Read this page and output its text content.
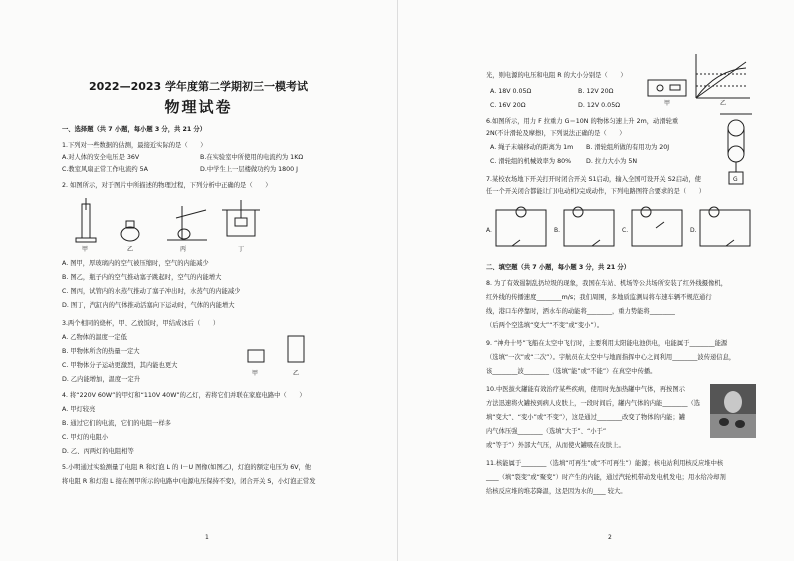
2022—2023 学年度第二学期初三一模考试
物理试卷
一、选择题（共 7 小题，每小题 3 分，共 21 分）
1.下列对一些数据的估测，最接近实际的是（　　）
A.对人体的安全电压是 36V	B.在实验室中所使用的电流约为 1KΩ
C.教室风扇正常工作电流约 5A	D.中学生上一层楼做功约为 1800 J
2. 如图所示，对于图片中所描述的物理过程，下列分析中正确的是（　　）
甲	乙	丙	丁
A. 图甲，厚玻璃内的空气被压缩时，空气的内能减少
B. 图乙，瓶子内的空气推动塞子跳起时，空气的内能增大
C. 图丙，试管内的水蒸气推动了塞子冲出时，水蒸气的内能减少
D. 图丁，汽缸内的气体推动活塞向下运动时，气体的内能增大
3.两个相同的烧杯，甲、乙放饭时，甲结成冰后（　　）
A. 乙物体的温度一定低
B. 甲物体所含的热量一定大
C. 甲物体分子运动更激烈，其内能也更大
D. 乙内能增加，温度一定升
甲	乙
4. 将“220V 60W”的甲灯和“110V 40W”的乙灯，若将它们并联在家庭电路中（　　）
A. 甲灯较亮
B. 通过它们的电流，它们的电阻一样多
C. 甲灯的电阻小
D. 乙、丙两灯的电阻相等
5.小明通过实验测量了电阻 R 和灯泡 L 的 I－U 图像(如图乙)，灯泡的额定电压为 6V，他
将电阻 R 和灯泡 L 接在图甲所示的电路中(电源电压保持不变)，闭合开关 S，小灯泡正常发
1
光，则电源的电压和电阻 R 的大小分别是（　　）
A. 18V 0.05Ω	B. 12V 20Ω
C. 16V 20Ω	D. 12V 0.05Ω	甲	乙
6.如图所示，用力 F 拉重力 G＝10N 的物体匀速上升 2m，动滑轮重
2N(不计滑轮及摩擦)，下列说法正确的是（　　）
A. 绳子末端移动的距离为 1m B. 滑轮组所做的有用功为 20J
C. 滑轮组的机械效率为 80% D. 拉力大小为 5N
G
7.某校农场地下开关打开时闭合开关 S1启动，输入全国可设开关 S2启动，使
任一个开关闭合都能让门(电动机)完成动作，下列电路图符合要求的是（　　）
A.	B.	C.	D.
二、填空题（共 7 小题，每小题 3 分，共 21 分）
8. 为了有效遏制乱扔垃圾的现象，我国在车站、机场等公共场所安装了红外线摄像机，
红外线的传播速度________m/s；我们周围，多地质监测局将车速车辆不规范通行
线，港口车停靠时，洒水车的动能将________，重力势能将________
（后两个空选填“变大”“不变”或“变小”）。
9. “神舟十号”飞船在太空中飞行时，主要利用太阳能电池供电，电能属于________能源
（选填“一次”或“二次”）。宇航员在太空中与地面指挥中心之间利用________波传递信息，
该________波________（选填“能”或“不能”）在真空中传播。
10.中医拔火罐能有效治疗某些疾病，使用时先加热罐中气体，再按图示
方法迅速将火罐按到病人皮肤上，一段时间后，罐内气体的内能________（选
填“变大”、“变小”或“不变”），这是通过________改变了物体的内能；罐
内气体压强________（选填“大于”、“小于”
或“等于”）外部大气压，从而使火罐吸在皮肤上。
11.核能属于________（选填“可再生”或“不可再生”）能源；核电站利用核反应堆中核
____（填“裂变”或“聚变”）时产生的内能，通过汽轮机带动发电机发电；用水给冷却剂
给核反应堆的堆芯降温，这是因为水的____ 较大。
2
